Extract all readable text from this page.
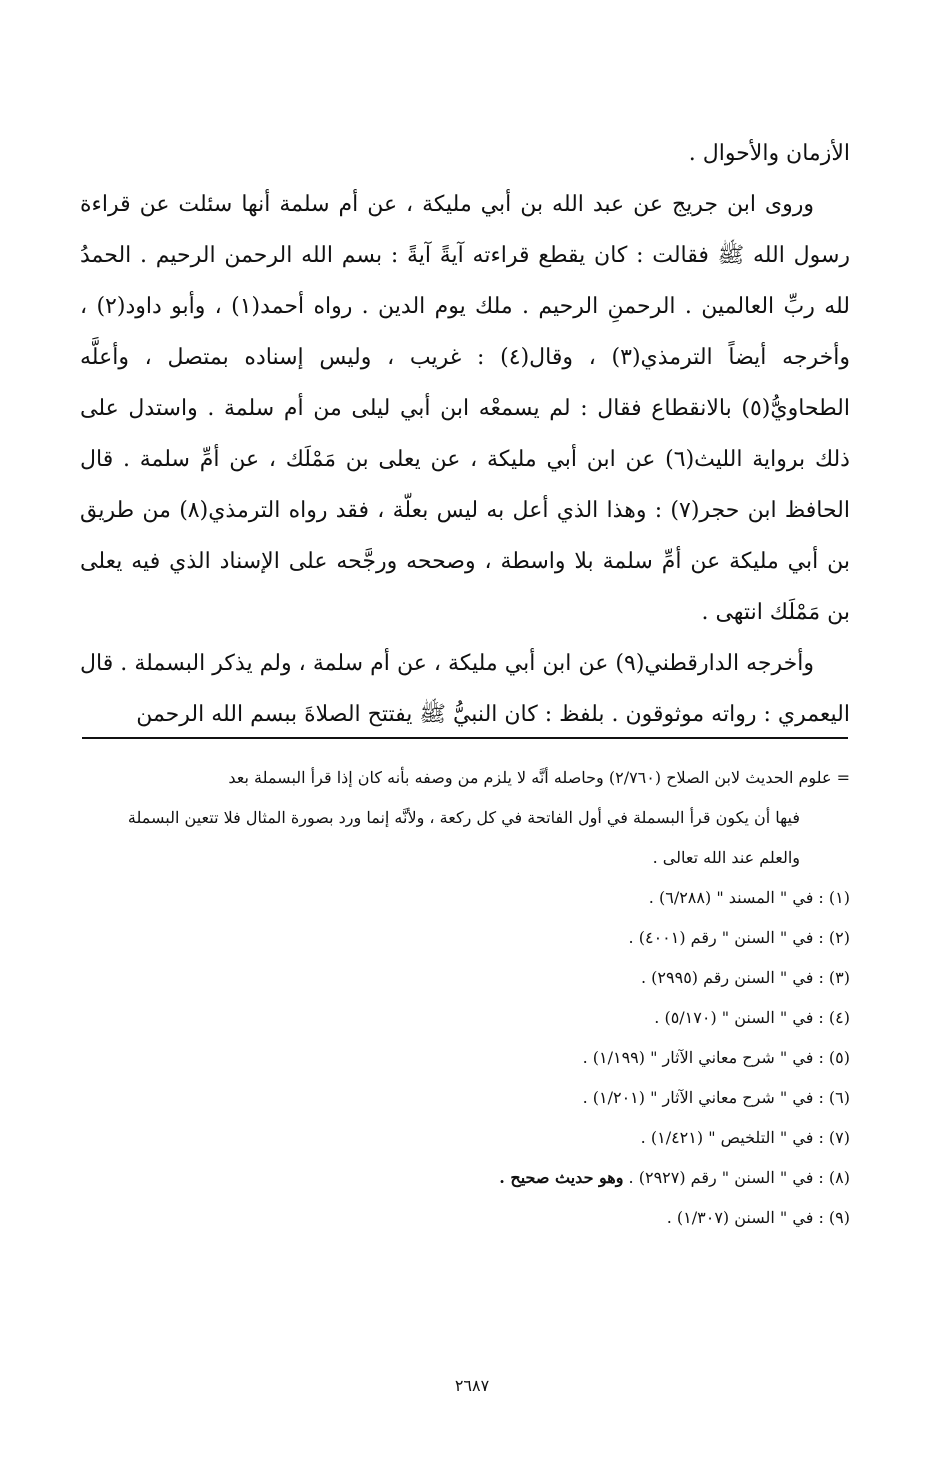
الأزمان والأحوال .

وروى ابن جريج عن عبد الله بن أبي مليكة ، عن أم سلمة أنها سئلت عن قراءة رسول الله ﷺ فقالت : كان يقطع قراءته آيةً آيةً : بسم الله الرحمن الرحيم . الحمدُ لله ربِّ العالمين . الرحمنِ الرحيم . ملك يوم الدين . رواه أحمد(١) ، وأبو داود(٢) ، وأخرجه أيضاً الترمذي(٣) ، وقال(٤) : غريب ، وليس إسناده بمتصل ، وأعلَّه الطحاويُّ(٥) بالانقطاع فقال : لم يسمعْه ابن أبي ليلى من أم سلمة . واستدل على ذلك برواية الليث(٦) عن ابن أبي مليكة ، عن يعلى بن مَمْلَك ، عن أمِّ سلمة . قال الحافظ ابن حجر(٧) : وهذا الذي أعل به ليس بعلّة ، فقد رواه الترمذي(٨) من طريق بن أبي مليكة عن أمِّ سلمة بلا واسطة ، وصححه ورجَّحه على الإسناد الذي فيه يعلى بن مَمْلَك انتهى .

وأخرجه الدارقطني(٩) عن ابن أبي مليكة ، عن أم سلمة ، ولم يذكر البسملة . قال اليعمري : رواته موثوقون . بلفظ : كان النبيُّ ﷺ يفتتح الصلاةَ ببسم الله الرحمن

= علوم الحديث لابن الصلاح (٢/٧٦٠) وحاصله أنَّه لا يلزم من وصفه بأنه كان إذا قرأ البسملة بعد

فيها أن يكون قرأ البسملة في أول الفاتحة في كل ركعة ، ولأنَّه إنما ورد بصورة المثال فلا تتعين البسملة

والعلم عند الله تعالى .

(١) : في " المسند " (٦/٢٨٨) .
(٢) : في " السنن " رقم (٤٠٠١) .
(٣) : في " السنن رقم (٢٩٩٥) .
(٤) : في " السنن " (٥/١٧٠) .
(٥) : في " شرح معاني الآثار " (١/١٩٩) .
(٦) : في " شرح معاني الآثار " (١/٢٠١) .
(٧) : في " التلخيص " (١/٤٢١) .
(٨) : في " السنن " رقم (٢٩٢٧) . وهو حديث صحيح .
(٩) : في " السنن (١/٣٠٧) .
٢٦٨٧
